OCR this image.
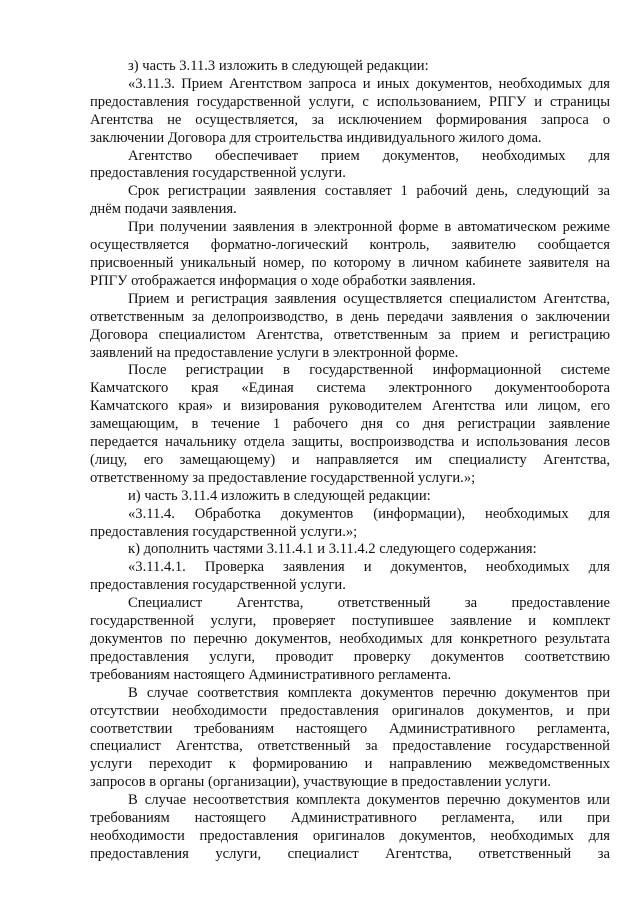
з) часть 3.11.3 изложить в следующей редакции:

«3.11.3. Прием Агентством запроса и иных документов, необходимых для
предоставления государственной услуги, с использованием, РПГУ и страницы
Агентства не осуществляется, за исключением формирования запроса о
заключении Договора для строительства индивидуального жилого дома.

Агентство обеспечивает прием документов, необходимых для
предоставления государственной услуги.

Срок регистрации заявления составляет 1 рабочий день, следующий за
днём подачи заявления.

При получении заявления в электронной форме в автоматическом режиме
осуществляется форматно-логический контроль, заявителю сообщается
присвоенный уникальный номер, по которому в личном кабинете заявителя на
РПГУ отображается информация о ходе обработки заявления.

Прием и регистрация заявления осуществляется специалистом Агентства,
ответственным за делопроизводство, в день передачи заявления о заключении
Договора специалистом Агентства, ответственным за прием и регистрацию
заявлений на предоставление услуги в электронной форме.

После регистрации в государственной информационной системе
Камчатского края «Единая система электронного документооборота
Камчатского края» и визирования руководителем Агентства или лицом, его
замещающим, в течение 1 рабочего дня со дня регистрации заявление
передается начальнику отдела защиты, воспроизводства и использования лесов
(лицу, его замещающему) и направляется им специалисту Агентства,
ответственному за предоставление государственной услуги.»;

и) часть 3.11.4 изложить в следующей редакции:

«3.11.4. Обработка документов (информации), необходимых для
предоставления государственной услуги.»;

к) дополнить частями 3.11.4.1 и 3.11.4.2 следующего содержания:

«3.11.4.1. Проверка заявления и документов, необходимых для
предоставления государственной услуги.

Специалист Агентства, ответственный за предоставление
государственной услуги, проверяет поступившее заявление и комплект
документов по перечню документов, необходимых для конкретного результата
предоставления услуги, проводит проверку документов соответствию
требованиям настоящего Административного регламента.

В случае соответствия комплекта документов перечню документов при
отсутствии необходимости предоставления оригиналов документов, и при
соответствии требованиям настоящего Административного регламента,
специалист Агентства, ответственный за предоставление государственной
услуги переходит к формированию и направлению межведомственных
запросов в органы (организации), участвующие в предоставлении услуги.

В случае несоответствия комплекта документов перечню документов или
требованиям настоящего Административного регламента, или при
необходимости предоставления оригиналов документов, необходимых для
предоставления услуги, специалист Агентства, ответственный за
